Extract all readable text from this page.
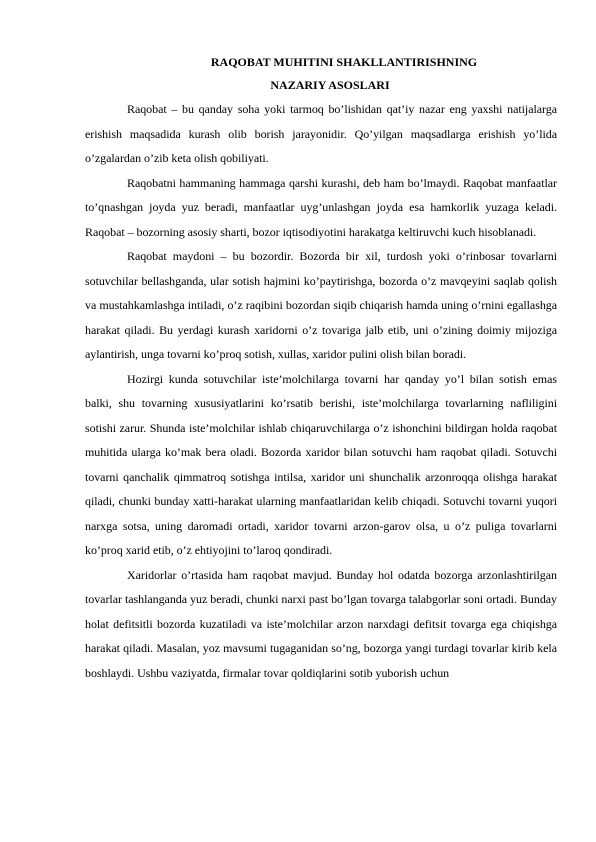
RAQOBAT MUHITINI SHAKLLANTIRISHNING
NAZARIY ASOSLARI

Raqobat – bu qanday soha yoki tarmoq bo’lishidan qat’iy nazar eng yaxshi natijalarga erishish maqsadida kurash olib borish jarayonidir. Qo’yilgan maqsadlarga erishish yo’lida o’zgalardan o’zib keta olish qobiliyati.

Raqobatni hammaning hammaga qarshi kurashi, deb ham bo’lmaydi. Raqobat manfaatlar to’qnashgan joyda yuz beradi, manfaatlar uyg’unlashgan joyda esa hamkorlik yuzaga keladi. Raqobat – bozorning asosiy sharti, bozor iqtisodiyotini harakatga keltiruvchi kuch hisoblanadi.

Raqobat maydoni – bu bozordir. Bozorda bir xil, turdosh yoki o’rinbosar tovarlarni sotuvchilar bellashganda, ular sotish hajmini ko’paytirishga, bozorda o’z mavqeyini saqlab qolish va mustahkamlashga intiladi, o’z raqibini bozordan siqib chiqarish hamda uning o’rnini egallashga harakat qiladi. Bu yerdagi kurash xaridorni o’z tovariga jalb etib, uni o’zining doimiy mijoziga aylantirish, unga tovarni ko’proq sotish, xullas, xaridor pulini olish bilan boradi.

Hozirgi kunda sotuvchilar iste’molchilarga tovarni har qanday yo’l bilan sotish emas balki, shu tovarning xususiyatlarini ko’rsatib berishi, iste’molchilarga tovarlarning nafliligini sotishi zarur. Shunda iste’molchilar ishlab chiqaruvchilarga o’z ishonchini bildirgan holda raqobat muhitida ularga ko’mak bera oladi. Bozorda xaridor bilan sotuvchi ham raqobat qiladi. Sotuvchi tovarni qanchalik qimmatroq sotishga intilsa, xaridor uni shunchalik arzonroqqa olishga harakat qiladi, chunki bunday xatti-harakat ularning manfaatlaridan kelib chiqadi. Sotuvchi tovarni yuqori narxga sotsa, uning daromadi ortadi, xaridor tovarni arzon-garov olsa, u o’z puliga tovarlarni ko’proq xarid etib, o’z ehtiyojini to’laroq qondiradi.

Xaridorlar o’rtasida ham raqobat mavjud. Bunday hol odatda bozorga arzonlashtirilgan tovarlar tashlanganda yuz beradi, chunki narxi past bo’lgan tovarga talabgorlar soni ortadi. Bunday holat defitsitli bozorda kuzatiladi va iste’molchilar arzon narxdagi defitsit tovarga ega chiqishga harakat qiladi. Masalan, yoz mavsumi tugaganidan so’ng, bozorga yangi turdagi tovarlar kirib kela boshlaydi. Ushbu vaziyatda, firmalar tovar qoldiqlarini sotib yuborish uchun
